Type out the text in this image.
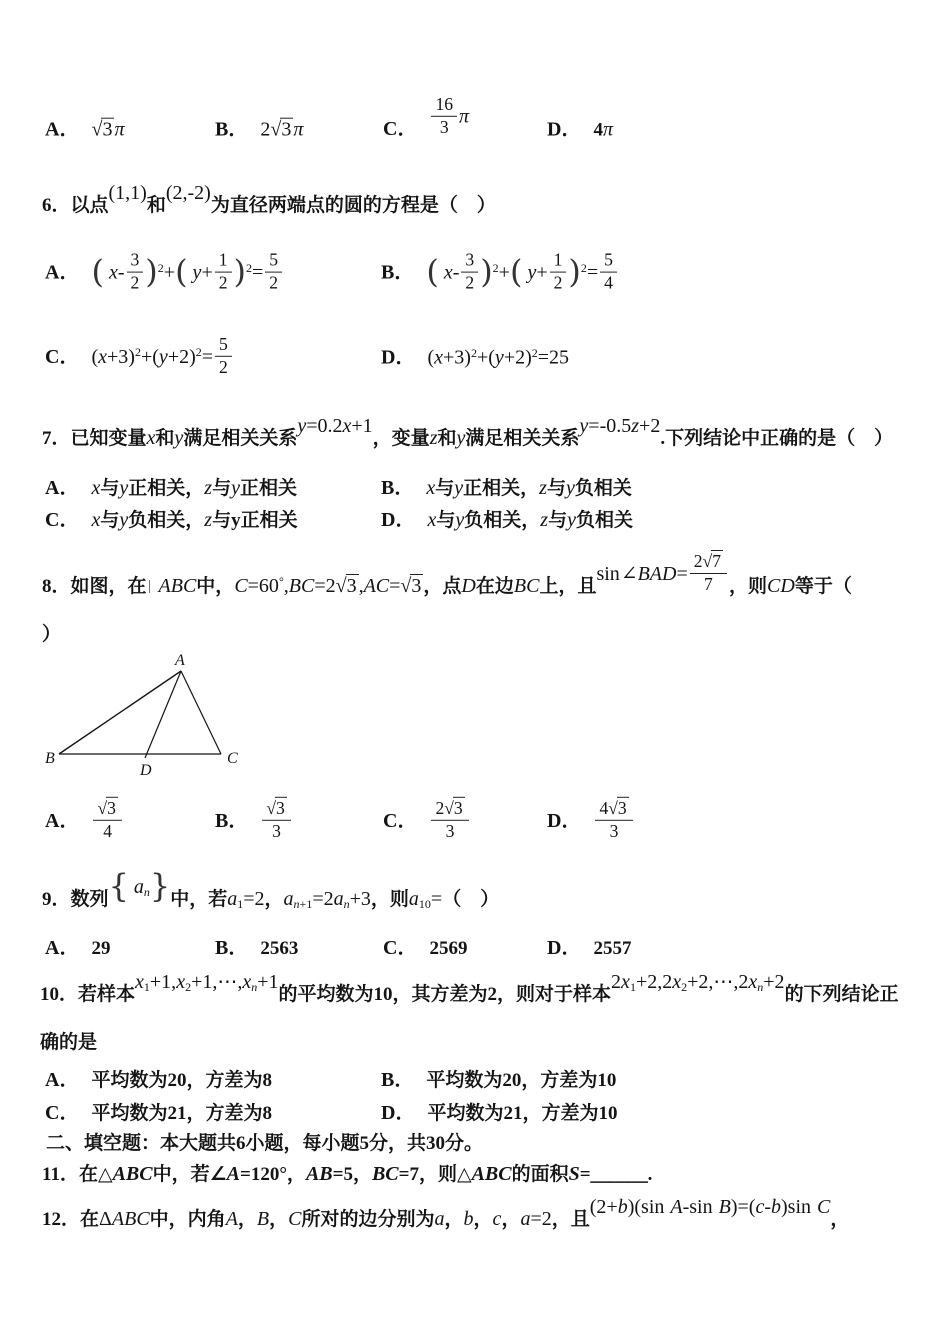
A． √3 π	B． 2√3 π	C． $\frac{16}{3}$ π
D． 4π
6．以点(1,1)和(2,-2)为直径两端点的圆的方程是（　）
A． ( $x- \frac{3}{2} )^2+$( $y+ \frac{1}{2} )^2= \frac{5}{2}$	B． ( $x- \frac{3}{2} )^2+$( $y+ \frac{1}{2} )^2= \frac{5}{4}$
C． $(x+3)^2+(y+2)^2= \frac{5}{2}$	D． $(x+3)^2+(y+2)^2=25$
7．已知变量x和y满足相关关系y=0.2x+1，变量z和y满足相关关系y=-0.5z+2.下列结论中正确的是（　）
A． x与y正相关，z与y正相关	B． x与y正相关，z与y负相关
C． x与y负相关，z与y正相关	D． x与y负相关，z与y负相关
8．如图，在 ABC中，C=60°,BC=2√3 ,AC=√3 ，点D在边BC上，且sin∠BAD= $\frac{2√7}{7}$ ，则CD等于（
）
A
B	C
D
A． $\frac{√3}{4}$	B． $\frac{√3}{3}$	C． $\frac{2√3}{3}$	D． $\frac{4√3}{3}$
9．数列{ $a_n$}中，若$a_1=2$，$a_{n+1}=2a_n+3$，则$a_{10}=$（　）
A． 29	B． 2563	C． 2569	D． 2557
10．若样本$x_1+1,x_2+1,\cdots,x_n+1$的平均数为10，其方差为2，则对于样本$2x_1+2,2x_2+2,\cdots,2x_n+2$的下列结论正
确的是
A． 平均数为20，方差为8	B． 平均数为20，方差为10
C． 平均数为21，方差为8	D． 平均数为21，方差为10
二、填空题：本大题共6小题，每小题5分，共30分。
11．在△ABC中，若∠A=120°，AB=5，BC=7，则△ABC的面积S=＿＿＿.
12．在ΔABC中，内角A，B，C所对的边分别为a，b，c，a=2，且(2+b)(sin A-sin B)=(c-b)sin C，
